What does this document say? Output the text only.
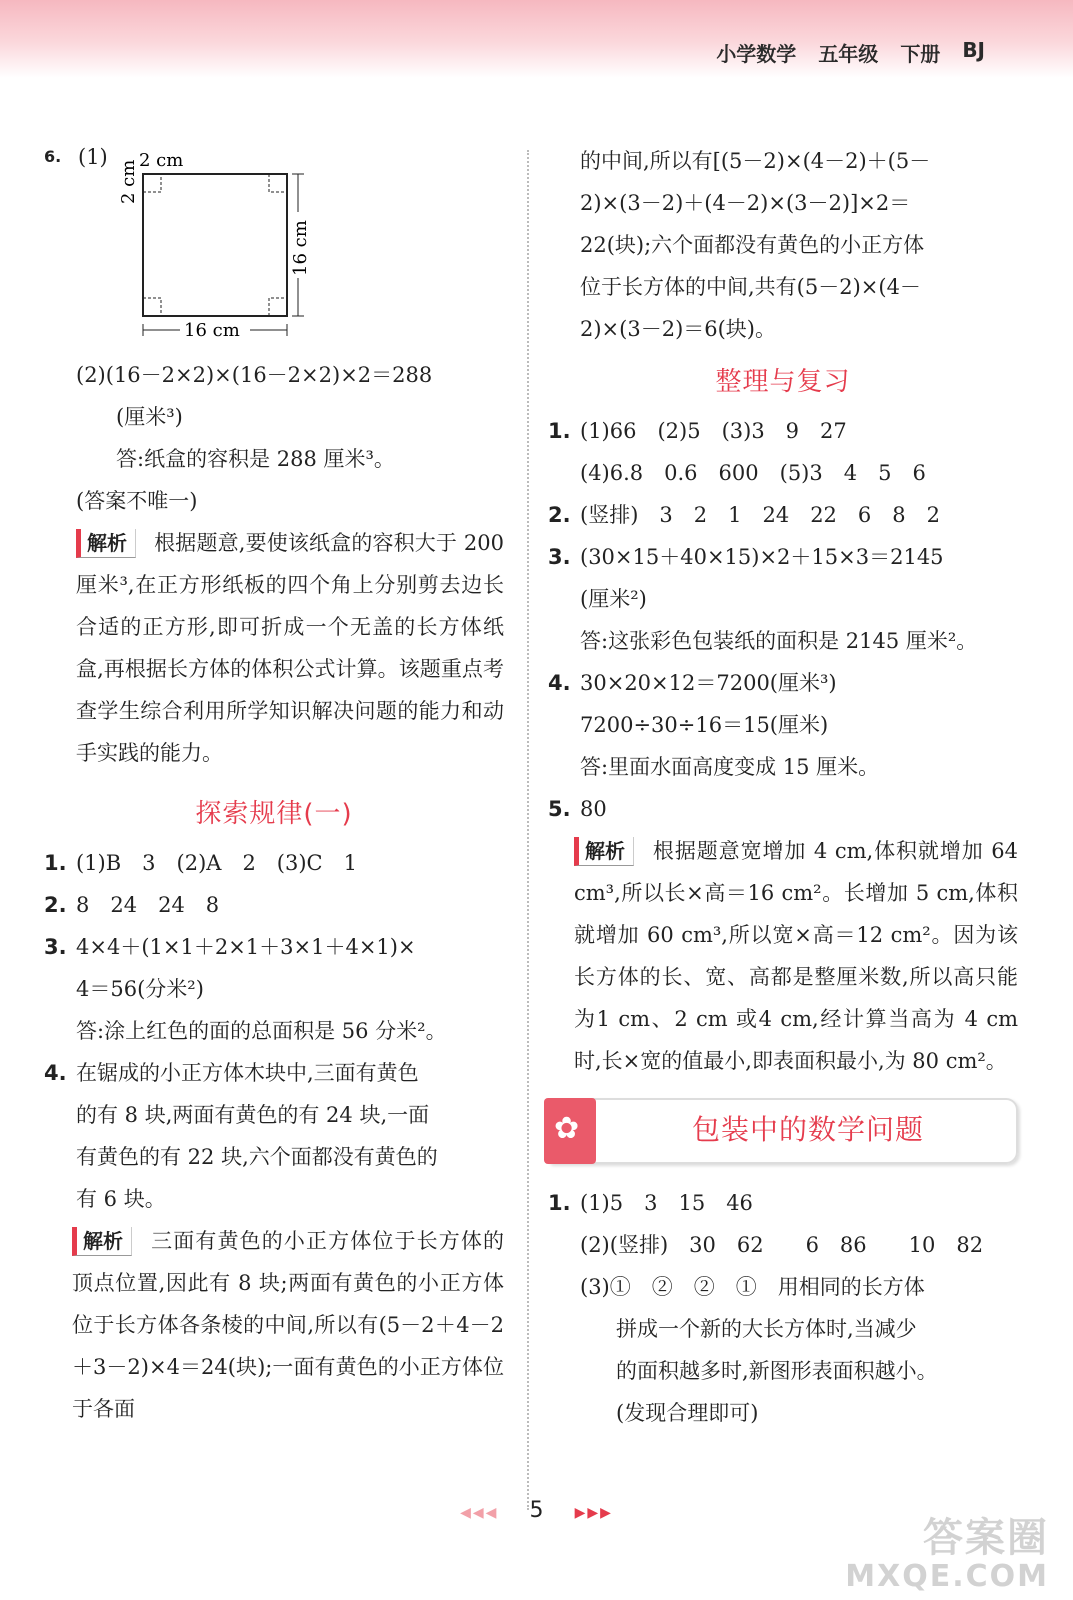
小学数学 五年级 下册 BJ
6. (1) 2 cm
2 cm
16 cm
16 cm
(2)(16－2×2)×(16－2×2)×2＝288
(厘米³)
答:纸盒的容积是 288 厘米³。
(答案不唯一)
解析 根据题意,要使该纸盒的容积大于 200 厘米³,在正方形纸板的四个角上分别剪去边长合适的正方形,即可折成一个无盖的长方体纸盒,再根据长方体的体积公式计算。该题重点考查学生综合利用所学知识解决问题的能力和动手实践的能力。
探索规律(一)
1. (1)B　3　(2)A　2　(3)C　1
2. 8　24　24　8
3. 4×4＋(1×1＋2×1＋3×1＋4×1)×
4＝56(分米²)
答:涂上红色的面的总面积是 56 分米²。
4. 在锯成的小正方体木块中,三面有黄色
的有 8 块,两面有黄色的有 24 块,一面
有黄色的有 22 块,六个面都没有黄色的
有 6 块。
解析 三面有黄色的小正方体位于长方体的顶点位置,因此有 8 块;两面有黄色的小正方体位于长方体各条棱的中间,所以有(5－2＋4－2＋3－2)×4＝24(块);一面有黄色的小正方体位于各面
的中间,所以有[(5－2)×(4－2)＋(5－
2)×(3－2)＋(4－2)×(3－2)]×2＝
22(块);六个面都没有黄色的小正方体
位于长方体的中间,共有(5－2)×(4－
2)×(3－2)＝6(块)。
整理与复习
1. (1)66　(2)5　(3)3　9　27
(4)6.8　0.6　600　(5)3　4　5　6
2. (竖排)　3　2　1　24　22　6　8　2
3. (30×15＋40×15)×2＋15×3＝2145
(厘米²)
答:这张彩色包装纸的面积是 2145 厘米²。
4. 30×20×12＝7200(厘米³)
7200÷30÷16＝15(厘米)
答:里面水面高度变成 15 厘米。
5. 80
解析 根据题意宽增加 4 cm,体积就增加 64 cm³,所以长×高＝16 cm²。长增加 5 cm,体积就增加 60 cm³,所以宽×高＝12 cm²。因为该长方体的长、宽、高都是整厘米数,所以高只能为1 cm、2 cm 或4 cm,经计算当高为 4 cm 时,长×宽的值最小,即表面积最小,为 80 cm²。
✿	包装中的数学问题
1. (1)5　3　15　46
(2)(竖排)　30　62　　6　86　　10　82
(3)①　②　②　①　用相同的长方体
拼成一个新的大长方体时,当减少
的面积越多时,新图形表面积越小。
(发现合理即可)
◀◀◀ 5 ▶▶▶
答案圈
MXQE.COM
